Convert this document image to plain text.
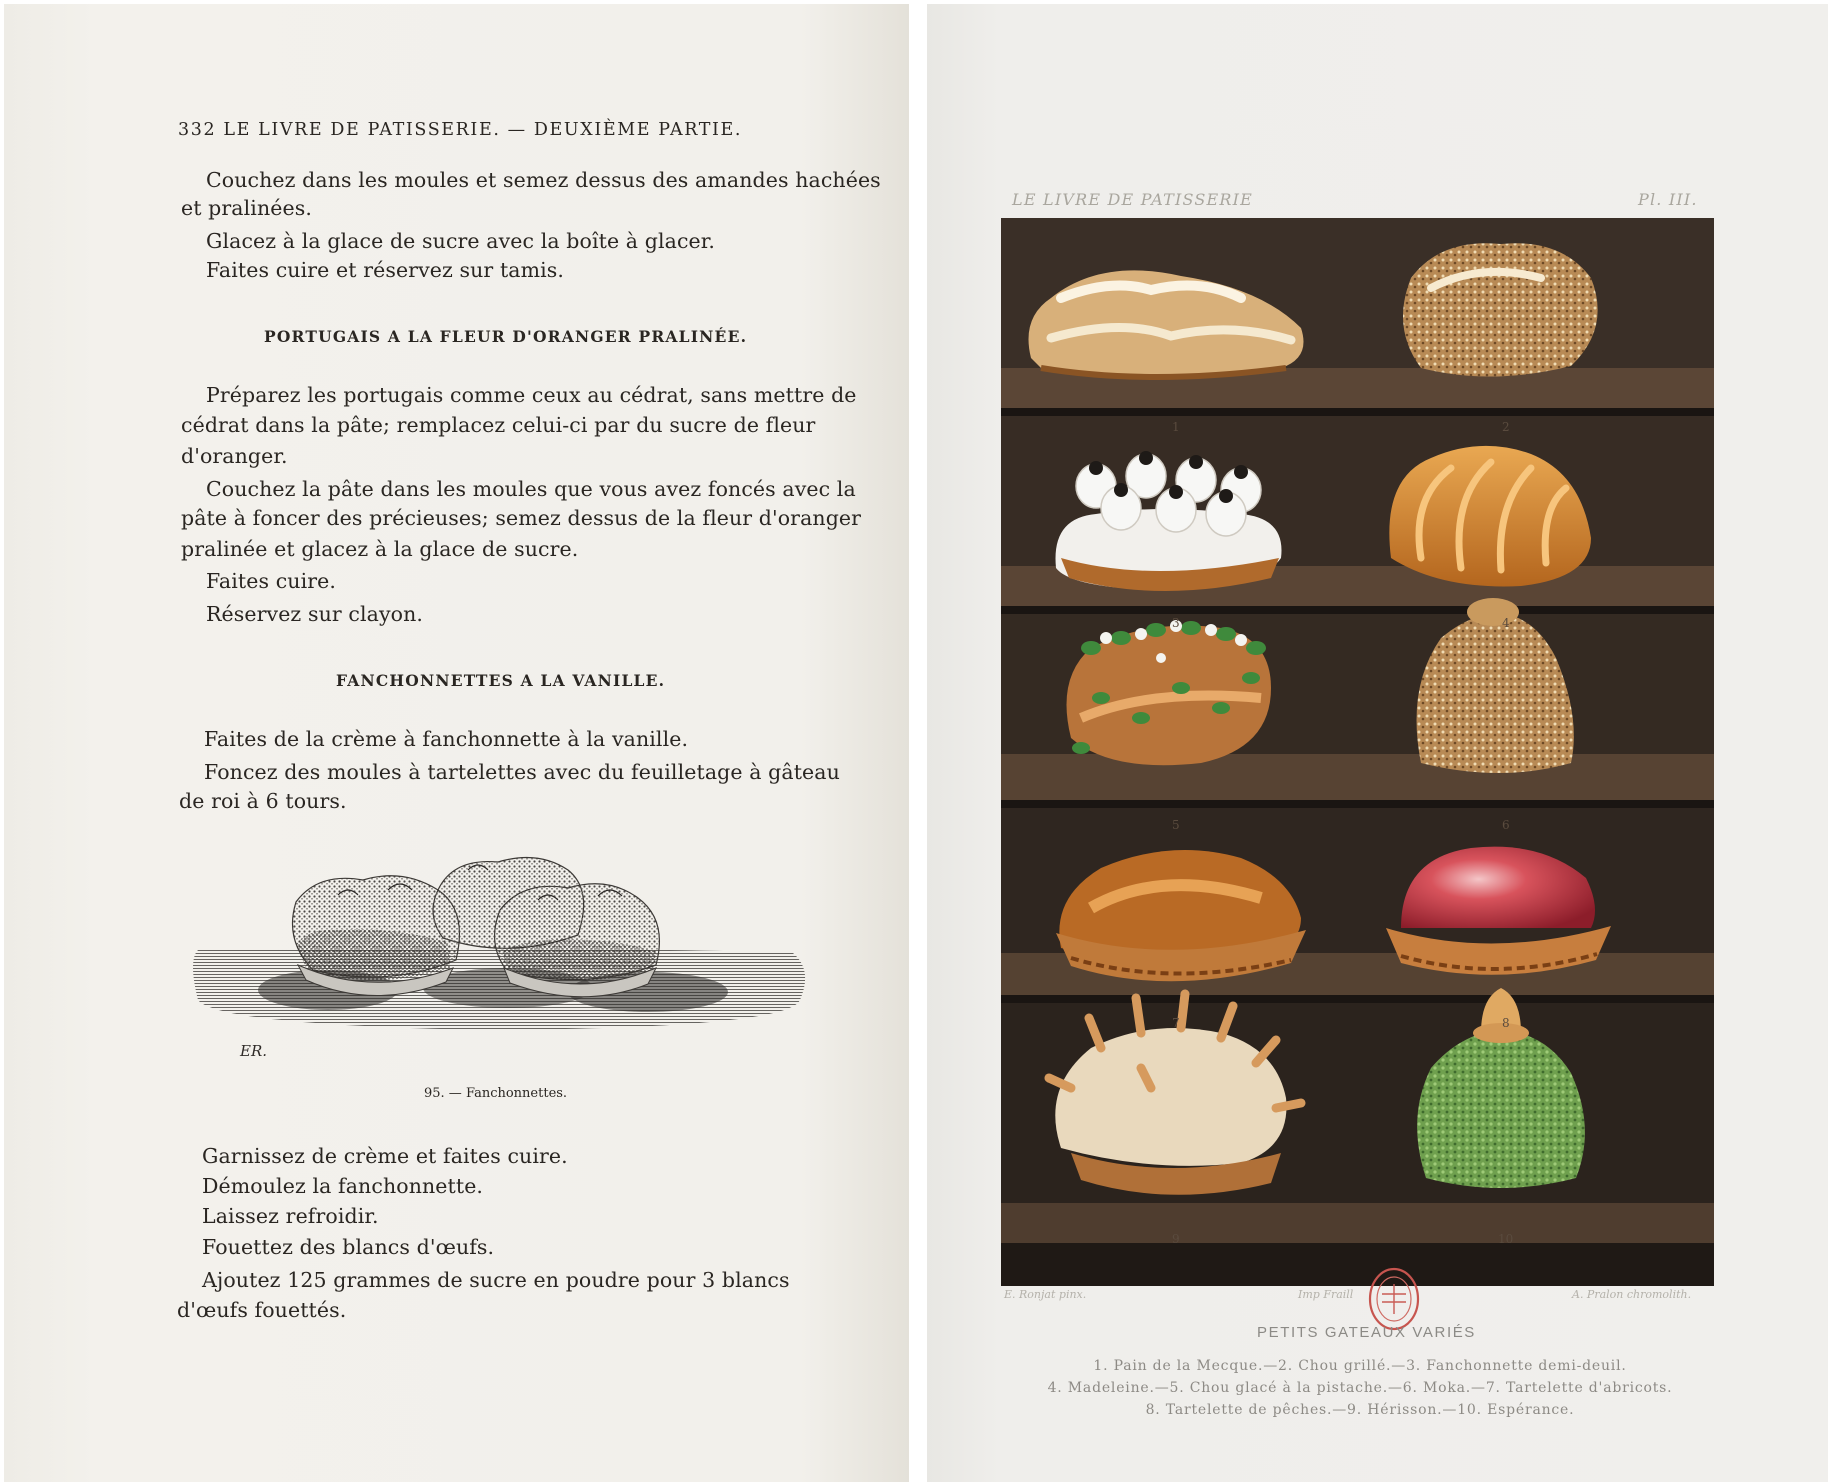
332 LE LIVRE DE PATISSERIE. — DEUXIÈME PARTIE.
Couchez dans les moules et semez dessus des amandes hachées
et pralinées.
Glacez à la glace de sucre avec la boîte à glacer.
Faites cuire et réservez sur tamis.
PORTUGAIS A LA FLEUR D'ORANGER PRALINÉE.
Préparez les portugais comme ceux au cédrat, sans mettre de
cédrat dans la pâte; remplacez celui-ci par du sucre de fleur
d'oranger.
Couchez la pâte dans les moules que vous avez foncés avec la
pâte à foncer des précieuses; semez dessus de la fleur d'oranger
pralinée et glacez à la glace de sucre.
Faites cuire.
Réservez sur clayon.
FANCHONNETTES A LA VANILLE.
Faites de la crème à fanchonnette à la vanille.
Foncez des moules à tartelettes avec du feuilletage à gâteau
de roi à 6 tours.
ER.
95. — Fanchonnettes.
Garnissez de crème et faites cuire.
Démoulez la fanchonnette.
Laissez refroidir.
Fouettez des blancs d'œufs.
Ajoutez 125 grammes de sucre en poudre pour 3 blancs
d'œufs fouettés.
LE LIVRE DE PATISSERIE	Pl. III.
1	2
3	4
5	6
7	8
9	10
E. Ronjat pinx.	Imp Fraill	A. Pralon chromolith.
PETITS GATEAUX VARIÉS
1. Pain de la Mecque.—2. Chou grillé.—3. Fanchonnette demi-deuil.
4. Madeleine.—5. Chou glacé à la pistache.—6. Moka.—7. Tartelette d'abricots.
8. Tartelette de pêches.—9. Hérisson.—10. Espérance.
